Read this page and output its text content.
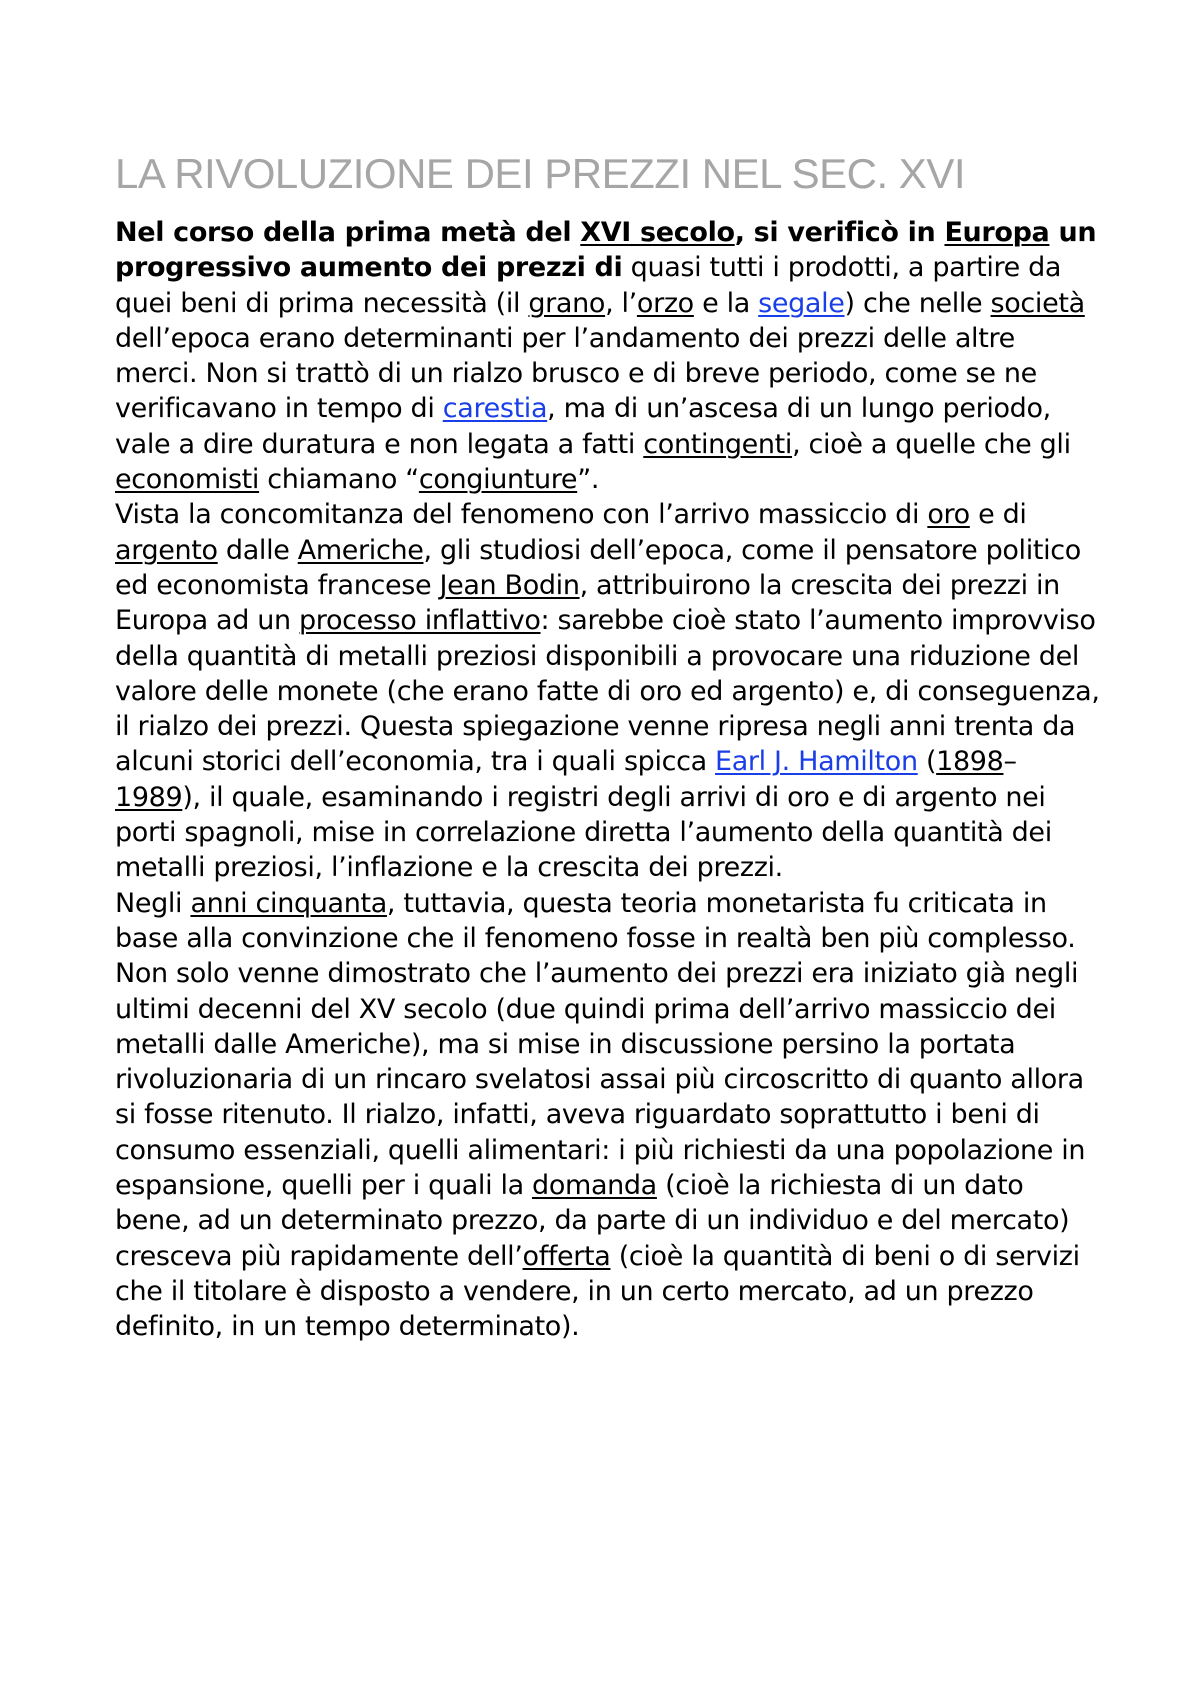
LA RIVOLUZIONE DEI PREZZI NEL SEC. XVI

Nel corso della prima metà del XVI secolo, si verificò in Europa un progressivo aumento dei prezzi di quasi tutti i prodotti, a partire da quei beni di prima necessità (il grano, l’orzo e la segale) che nelle società dell’epoca erano determinanti per l’andamento dei prezzi delle altre merci. Non si trattò di un rialzo brusco e di breve periodo, come se ne verificavano in tempo di carestia, ma di un’ascesa di un lungo periodo, vale a dire duratura e non legata a fatti contingenti, cioè a quelle che gli economisti chiamano “congiunture”.

Vista la concomitanza del fenomeno con l’arrivo massiccio di oro e di argento dalle Americhe, gli studiosi dell’epoca, come il pensatore politico ed economista francese Jean Bodin, attribuirono la crescita dei prezzi in Europa ad un processo inflattivo: sarebbe cioè stato l’aumento improvviso della quantità di metalli preziosi disponibili a provocare una riduzione del valore delle monete (che erano fatte di oro ed argento) e, di conseguenza, il rialzo dei prezzi. Questa spiegazione venne ripresa negli anni trenta da alcuni storici dell’economia, tra i quali spicca Earl J. Hamilton (1898–1989), il quale, esaminando i registri degli arrivi di oro e di argento nei porti spagnoli, mise in correlazione diretta l’aumento della quantità dei metalli preziosi, l’inflazione e la crescita dei prezzi.

Negli anni cinquanta, tuttavia, questa teoria monetarista fu criticata in base alla convinzione che il fenomeno fosse in realtà ben più complesso. Non solo venne dimostrato che l’aumento dei prezzi era iniziato già negli ultimi decenni del XV secolo (due quindi prima dell’arrivo massiccio dei metalli dalle Americhe), ma si mise in discussione persino la portata rivoluzionaria di un rincaro svelatosi assai più circoscritto di quanto allora si fosse ritenuto. Il rialzo, infatti, aveva riguardato soprattutto i beni di consumo essenziali, quelli alimentari: i più richiesti da una popolazione in espansione, quelli per i quali la domanda (cioè la richiesta di un dato bene, ad un determinato prezzo, da parte di un individuo e del mercato) cresceva più rapidamente dell’offerta (cioè la quantità di beni o di servizi che il titolare è disposto a vendere, in un certo mercato, ad un prezzo definito, in un tempo determinato).
